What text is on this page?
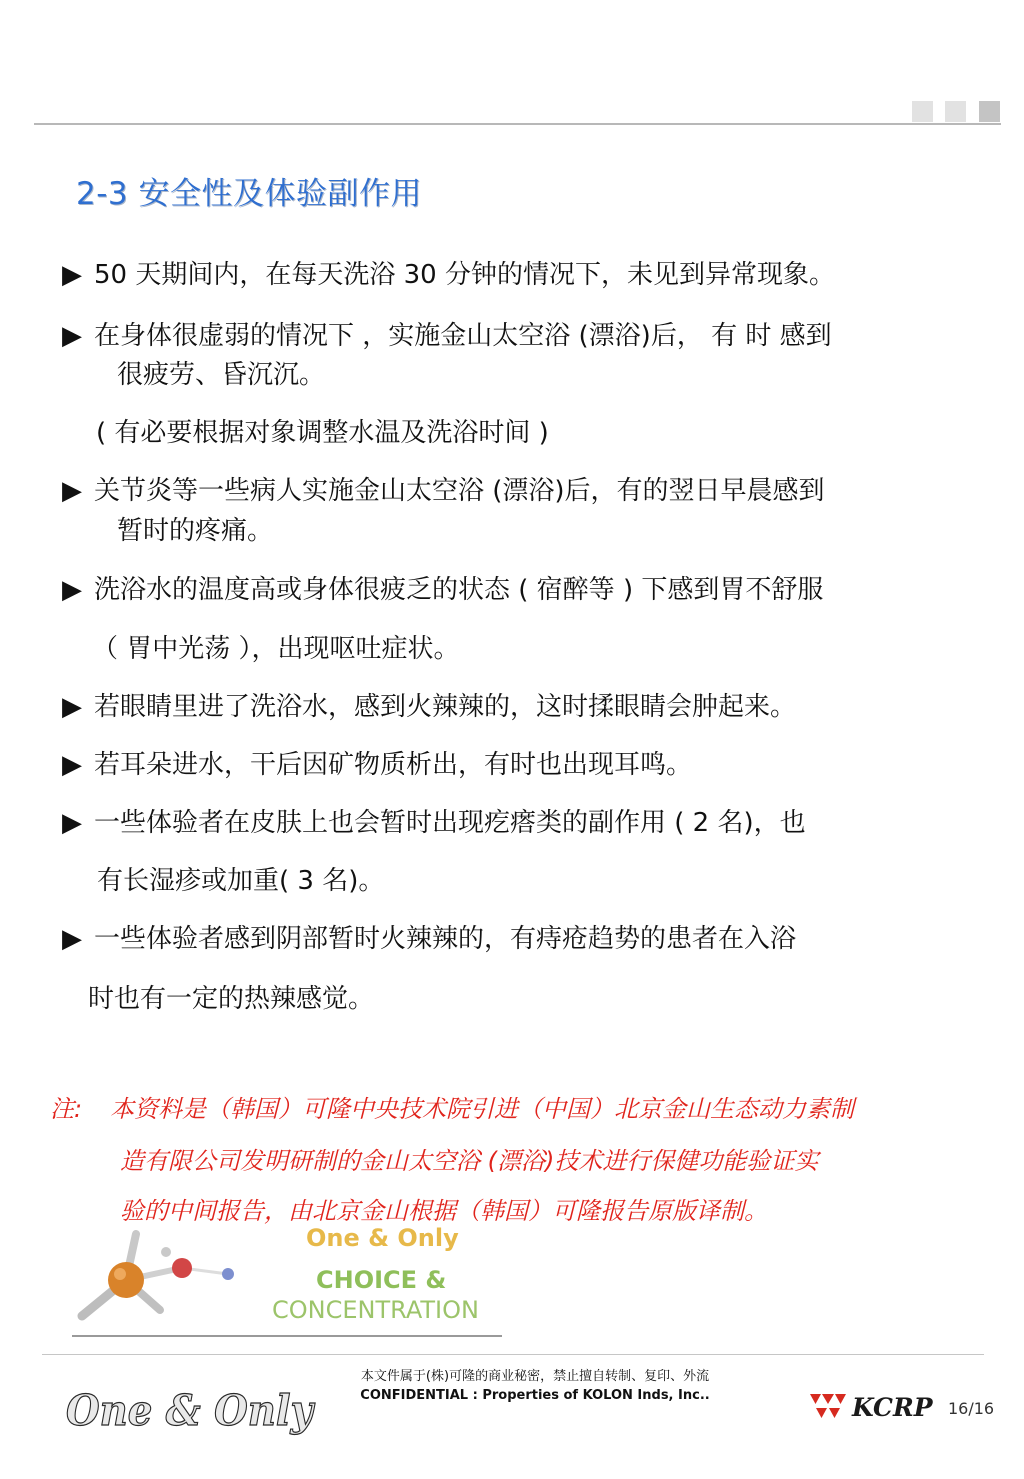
2-3 安全性及体验副作用
▶ 50 天期间内，在每天洗浴 30 分钟的情况下，未见到异常现象。
▶ 在身体很虚弱的情况下 ，实施金山太空浴 (漂浴)后， 有 时 感到
很疲劳、昏沉沉。
( 有必要根据对象调整水温及洗浴时间 )
▶ 关节炎等一些病人实施金山太空浴 (漂浴)后，有的翌日早晨感到
暂时的疼痛。
▶ 洗浴水的温度高或身体很疲乏的状态 ( 宿醉等 ) 下感到胃不舒服
（ 胃中光荡 ），出现呕吐症状。
▶ 若眼睛里进了洗浴水，感到火辣辣的，这时揉眼睛会肿起来。
▶ 若耳朵进水，干后因矿物质析出，有时也出现耳鸣。
▶ 一些体验者在皮肤上也会暂时出现疙瘩类的副作用 ( 2 名)，也
有长湿疹或加重( 3 名)。
▶ 一些体验者感到阴部暂时火辣辣的，有痔疮趋势的患者在入浴
时也有一定的热辣感觉。
注: 本资料是（韩国）可隆中央技术院引进（中国）北京金山生态动力素制
造有限公司发明研制的金山太空浴 (漂浴)技术进行保健功能验证实
验的中间报告，由北京金山根据（韩国）可隆报告原版译制。
One & Only
CHOICE &
CONCENTRATION
本文件属于(株)可隆的商业秘密，禁止擅自转制、复印、外流
CONFIDENTIAL : Properties of KOLON Inds, Inc..
One & Only	KCRP 16/16
